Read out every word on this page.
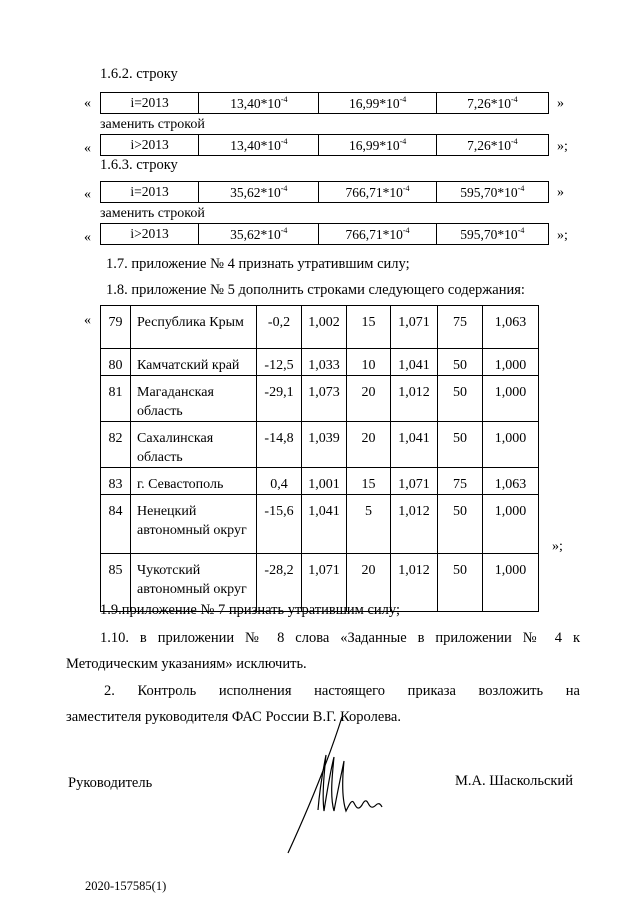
1.6.2. строку
«	i=2013	$13,40*10^{-4}$	$16,99*10^{-4}$	$7,26*10^{-4}$	»
заменить строкой
«	i>2013	$13,40*10^{-4}$	$16,99*10^{-4}$	$7,26*10^{-4}$	»;
1.6.3. строку
«	i=2013	$35,62*10^{-4}$	$766,71*10^{-4}$	$595,70*10^{-4}$ »
заменить строкой
«	i>2013	$35,62*10^{-4}$	$766,71*10^{-4}$	$595,70*10^{-4}$ »;
1.7. приложение № 4 признать утратившим силу;
1.8. приложение № 5 дополнить строками следующего содержания:
« 79	Республика Крым	-0,2	1,002	15	1,071	75	1,063
80	Камчатский край	-12,5	1,033	10	1,041	50	1,000
81	Магаданская область	-29,1	1,073	20	1,012	50	1,000
82	Сахалинская область	-14,8	1,039	20	1,041	50	1,000
83	г. Севастополь	0,4	1,001	15	1,071	75	1,063
84	Ненецкий автономный округ	-15,6	1,041	5	1,012	50	1,000
85	Чукотский автономный округ	-28,2	1,071	20	1,012	50	1,000
»;
1.9.приложение № 7 признать утратившим силу;
1.10. в приложении № 8 слова «Заданные в приложении № 4 к
Методическим указаниям» исключить.
2. Контроль исполнения настоящего приказа возложить на
заместителя руководителя ФАС России В.Г. Королева.
Руководитель	М.А. Шаскольский
2020-157585(1)
